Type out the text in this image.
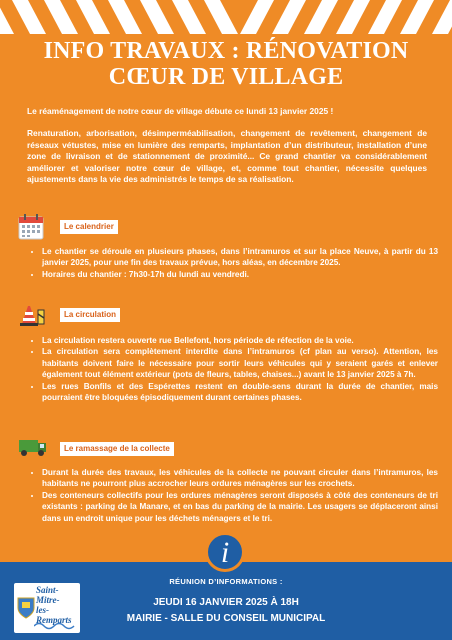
INFO TRAVAUX : RÉNOVATION
CŒUR DE VILLAGE
Le réaménagement de notre cœur de village débute ce lundi 13 janvier 2025 !
Renaturation, arborisation, désimperméabilisation, changement de revêtement, changement de réseaux vétustes, mise en lumière des remparts, implantation d’un distributeur, installation d’une zone de livraison et de stationnement de proximité... Ce grand chantier va considérablement améliorer et valoriser notre cœur de village, et, comme tout chantier, nécessite quelques ajustements dans la vie des administrés le temps de sa réalisation.
Le calendrier
• Le chantier se déroule en plusieurs phases, dans l’intramuros et sur la place Neuve, à partir du 13 janvier 2025, pour une fin des travaux prévue, hors aléas, en décembre 2025.
• Horaires du chantier : 7h30-17h du lundi au vendredi.
La circulation
• La circulation restera ouverte rue Bellefont, hors période de réfection de la voie.
• La circulation sera complètement interdite dans l’intramuros (cf plan au verso). Attention, les habitants doivent faire le nécessaire pour sortir leurs véhicules qui y seraient garés et enlever également tout élément extérieur (pots de fleurs, tables, chaises...) avant le 13 janvier 2025 à 7h.
• Les rues Bonfils et des Espérettes restent en double-sens durant la durée de chantier, mais pourraient être bloquées épisodiquement durant certaines phases.
Le ramassage de la collecte
• Durant la durée des travaux, les véhicules de la collecte ne pouvant circuler dans l’intramuros, les habitants ne pourront plus accrocher leurs ordures ménagères sur les crochets.
• Des conteneurs collectifs pour les ordures ménagères seront disposés à côté des conteneurs de tri existants : parking de la Manare, et en bas du parking de la mairie. Les usagers se déplaceront ainsi dans un endroit unique pour les déchets ménagers et le tri.
i
Saint-Mitre-
les-Remparts
RÉUNION D’INFORMATIONS :
JEUDI 16 JANVIER 2025 À 18H
MAIRIE - SALLE DU CONSEIL MUNICIPAL
